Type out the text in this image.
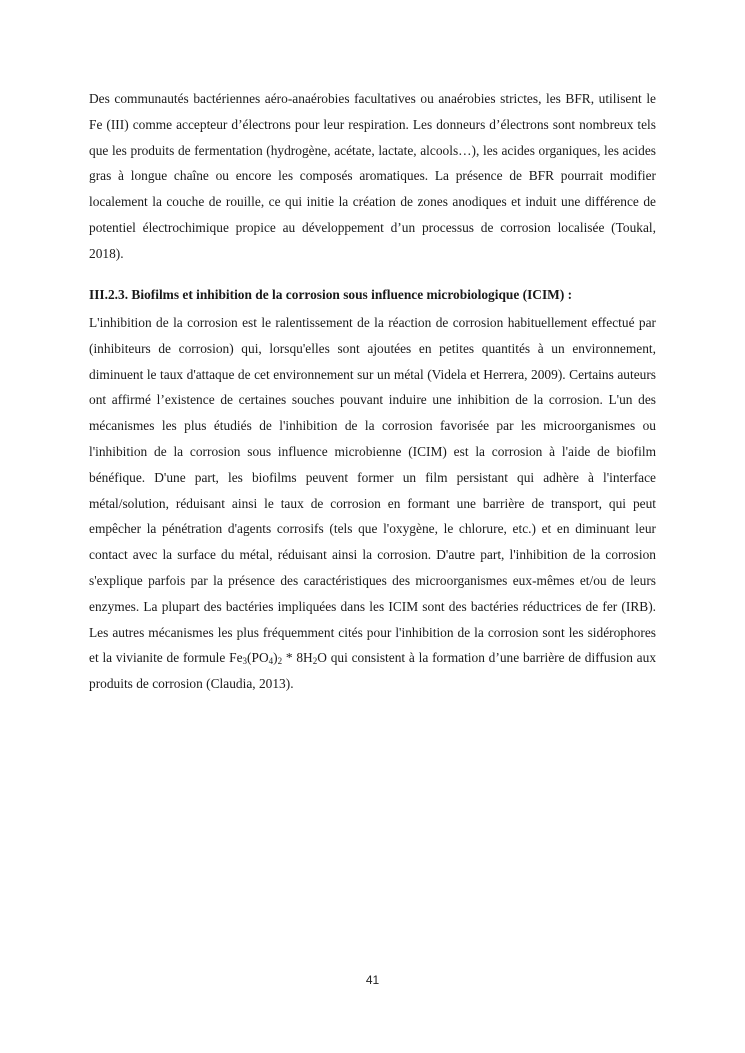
Des communautés bactériennes aéro-anaérobies facultatives ou anaérobies strictes, les BFR, utilisent le Fe (III) comme accepteur d’électrons pour leur respiration. Les donneurs d’électrons sont nombreux tels que les produits de fermentation (hydrogène, acétate, lactate, alcools…), les acides organiques, les acides gras à longue chaîne ou encore les composés aromatiques. La présence de BFR pourrait modifier localement la couche de rouille, ce qui initie la création de zones anodiques et induit une différence de potentiel électrochimique propice au développement d’un processus de corrosion localisée (Toukal, 2018).

III.2.3. Biofilms et inhibition de la corrosion sous influence microbiologique (ICIM) :

L'inhibition de la corrosion est le ralentissement de la réaction de corrosion habituellement effectué par (inhibiteurs de corrosion) qui, lorsqu'elles sont ajoutées en petites quantités à un environnement, diminuent le taux d'attaque de cet environnement sur un métal (Videla et Herrera, 2009). Certains auteurs ont affirmé l’existence de certaines souches pouvant induire une inhibition de la corrosion. L'un des mécanismes les plus étudiés de l'inhibition de la corrosion favorisée par les microorganismes ou l'inhibition de la corrosion sous influence microbienne (ICIM) est la corrosion à l'aide de biofilm bénéfique. D'une part, les biofilms peuvent former un film persistant qui adhère à l'interface métal/solution, réduisant ainsi le taux de corrosion en formant une barrière de transport, qui peut empêcher la pénétration d'agents corrosifs (tels que l'oxygène, le chlorure, etc.) et en diminuant leur contact avec la surface du métal, réduisant ainsi la corrosion. D'autre part, l'inhibition de la corrosion s'explique parfois par la présence des caractéristiques des microorganismes eux-mêmes et/ou de leurs enzymes. La plupart des bactéries impliquées dans les ICIM sont des bactéries réductrices de fer (IRB). Les autres mécanismes les plus fréquemment cités pour l'inhibition de la corrosion sont les sidérophores et la vivianite de formule $Fe_3(PO_4)_2 * 8H_2O$ qui consistent à la formation d’une barrière de diffusion aux produits de corrosion (Claudia, 2013).

41
